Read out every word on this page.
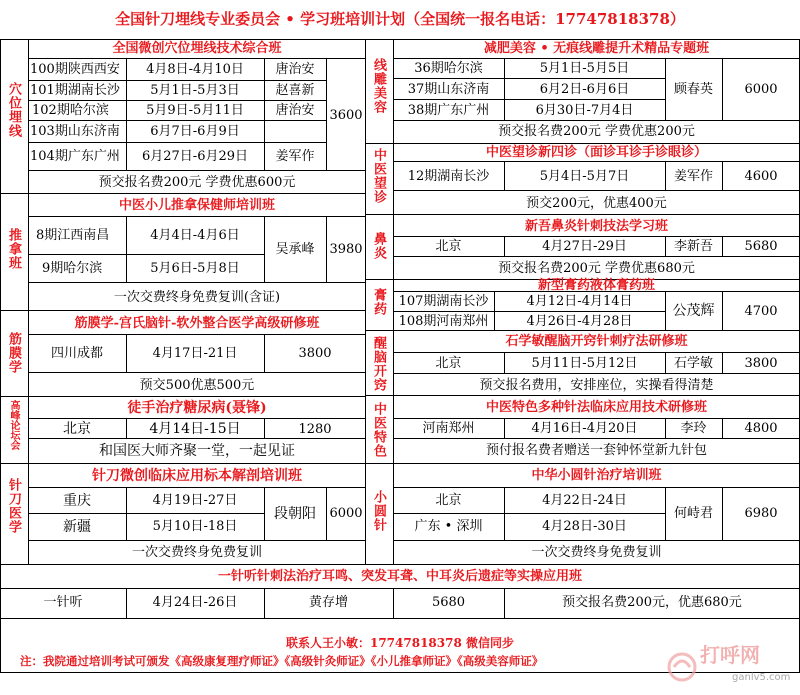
全国针刀埋线专业委员会 • 学习班培训计划（全国统一报名电话：17747818378）
穴位埋线
全国微创穴位埋线技术综合班
100期陕西西安	4月8日-4月10日	唐治安
101期湖南长沙	5月1日-5月3日	赵喜新
102期哈尔滨	5月9日-5月11日	唐治安
103期山东济南	6月7日-6月9日
104期广东广州	6月27日-6月29日	姜军作
3600
预交报名费200元 学费优惠600元
推拿班
中医小儿推拿保健师培训班
8期江西南昌	4月4日-4月6日
9期哈尔滨	5月6日-5月8日
吴承峰	3980
一次交费终身免费复训(含证)
筋膜学
筋膜学-宫氏脑针-软外整合医学高级研修班
四川成都	4月17日-21日	3800
预交500优惠500元
高峰论坛会	徒手治疗糖尿病(聂锋)
北京	4月14日-15日	1280
和国医大师齐聚一堂，一起见证
针刀医学
针刀微创临床应用标本解剖培训班
重庆	4月19日-27日
新疆	5月10日-18日
段朝阳	6000
一次交费终身免费复训
线雕美容
减肥美容 • 无痕线雕提升术精品专题班
36期哈尔滨	5月1日-5月5日
37期山东济南	6月2日-6月6日
38期广东广州	6月30日-7月4日
顾春英	6000
预交报名费200元 学费优惠200元
中医望诊	中医望诊新四诊（面诊耳诊手诊眼诊）
12期湖南长沙	5月4日-5月7日	姜军作	4600
预交200元，优惠400元
鼻炎
新吾鼻炎针刺技法学习班
北京	4月27日-29日	李新吾	5680
预交报名费200元 学费优惠680元
膏药
新型膏药液体膏药班
107期湖南长沙	4月12日-4月14日
108期河南郑州	4月26日-4月28日
公茂辉	4700
醒脑开窍	石学敏醒脑开窍针刺疗法研修班
北京	5月11日-5月12日	石学敏	3800
预交报名费用，安排座位，实操看得清楚
中医特色	中医特色多种针法临床应用技术研修班
河南郑州	4月16日-4月20日	李玲	4800
预付报名费者赠送一套钟怀堂新九针包
小圆针
中华小圆针治疗培训班
北京	4月22日-24日
广东 • 深圳	4月28日-30日
何峙君	6980
一次交费终身免费复训
一针听针刺法治疗耳鸣、突发耳聋、中耳炎后遗症等实操应用班
一针听	4月24日-26日	黄存增	5680	预交报名费200元，优惠680元
联系人王小敏：17747818378 微信同步
注：我院通过培训考试可颁发《高级康复理疗师证》《高级针灸师证》《小儿推拿师证》《高级美容师证》	打呼网
ganlv5.com
